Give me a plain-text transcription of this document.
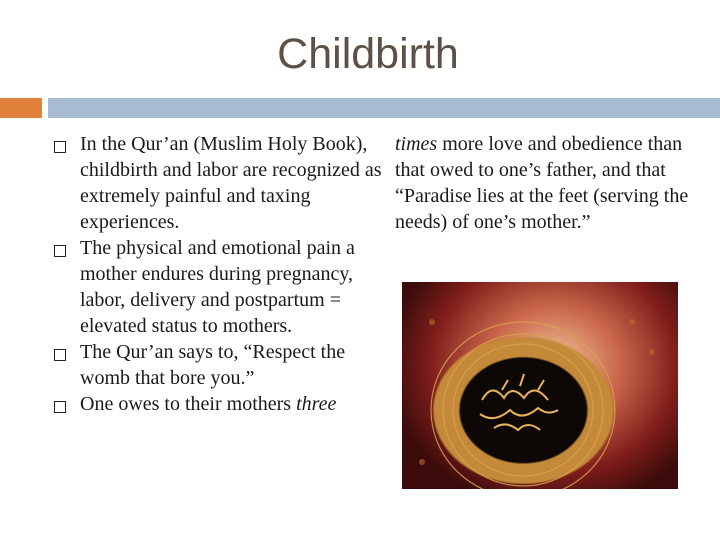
Childbirth
In the Qur’an (Muslim Holy Book), childbirth and labor are recognized as extremely painful and taxing experiences.
The physical and emotional pain a mother endures during pregnancy, labor, delivery and postpartum = elevated status to mothers.
The Qur’an says to, “Respect the womb that bore you.”
One owes to their mothers three
times more love and obedience than that owed to one’s father, and that “Paradise lies at the feet (serving the needs) of one’s mother.”
